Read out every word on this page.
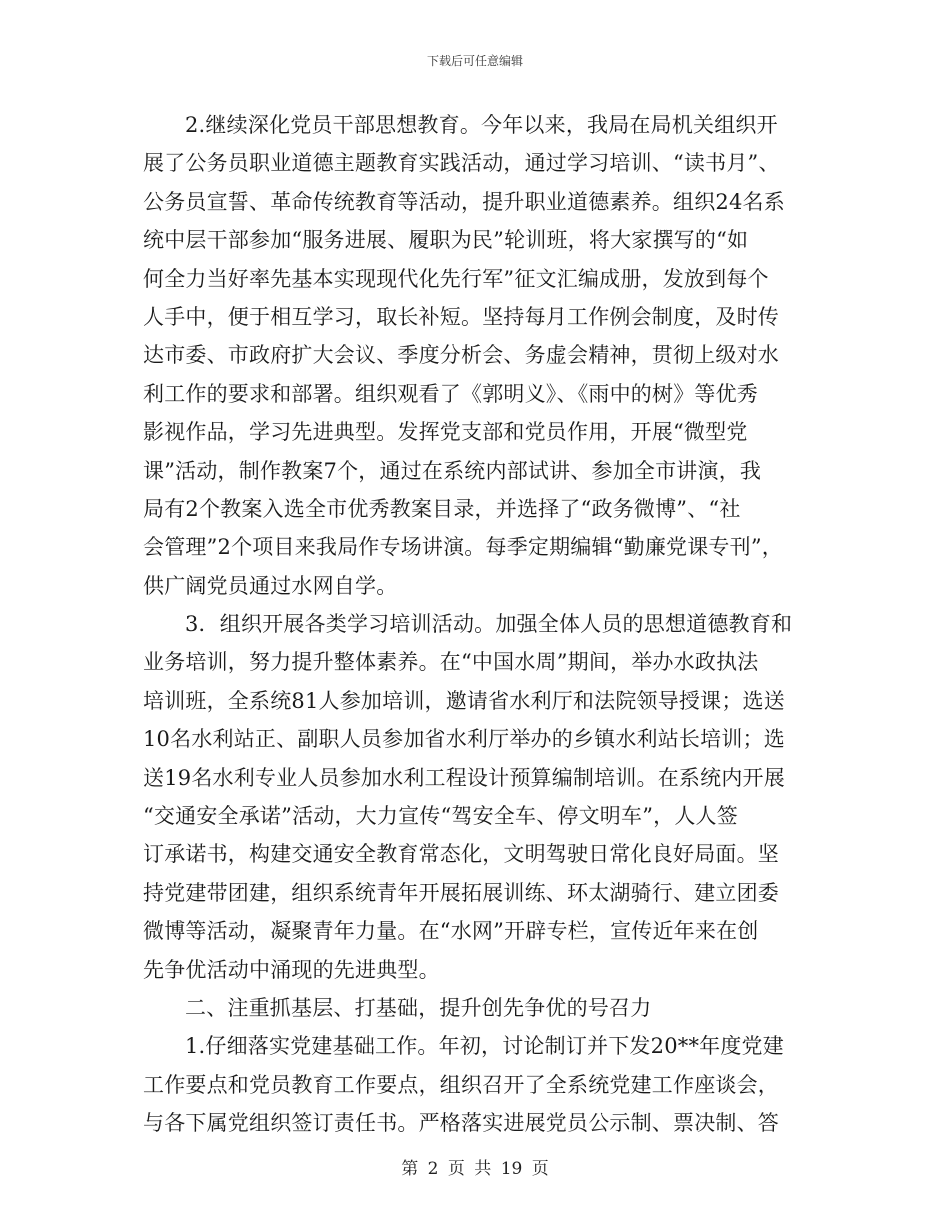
下载后可任意编辑
2.继续深化党员干部思想教育。今年以来，我局在局机关组织开
展了公务员职业道德主题教育实践活动，通过学习培训、“读书月”、
公务员宣誓、革命传统教育等活动，提升职业道德素养。组织24名系
统中层干部参加“服务进展、履职为民”轮训班，将大家撰写的“如
何全力当好率先基本实现现代化先行军”征文汇编成册，发放到每个
人手中，便于相互学习，取长补短。坚持每月工作例会制度，及时传
达市委、市政府扩大会议、季度分析会、务虚会精神，贯彻上级对水
利工作的要求和部署。组织观看了《郭明义》、《雨中的树》等优秀
影视作品，学习先进典型。发挥党支部和党员作用，开展“微型党
课”活动，制作教案7个，通过在系统内部试讲、参加全市讲演，我
局有2个教案入选全市优秀教案目录，并选择了“政务微博”、“社
会管理”2个项目来我局作专场讲演。每季定期编辑“勤廉党课专刊”，
供广阔党员通过水网自学。
3．组织开展各类学习培训活动。加强全体人员的思想道德教育和
业务培训，努力提升整体素养。在“中国水周”期间，举办水政执法
培训班，全系统81人参加培训，邀请省水利厅和法院领导授课；选送
10名水利站正、副职人员参加省水利厅举办的乡镇水利站长培训；选
送19名水利专业人员参加水利工程设计预算编制培训。在系统内开展
“交通安全承诺”活动，大力宣传“驾安全车、停文明车”，人人签
订承诺书，构建交通安全教育常态化，文明驾驶日常化良好局面。坚
持党建带团建，组织系统青年开展拓展训练、环太湖骑行、建立团委
微博等活动，凝聚青年力量。在“水网”开辟专栏，宣传近年来在创
先争优活动中涌现的先进典型。
二、注重抓基层、打基础，提升创先争优的号召力
1.仔细落实党建基础工作。年初，讨论制订并下发20**年度党建
工作要点和党员教育工作要点，组织召开了全系统党建工作座谈会，
与各下属党组织签订责任书。严格落实进展党员公示制、票决制、答
第 2 页 共 19 页
